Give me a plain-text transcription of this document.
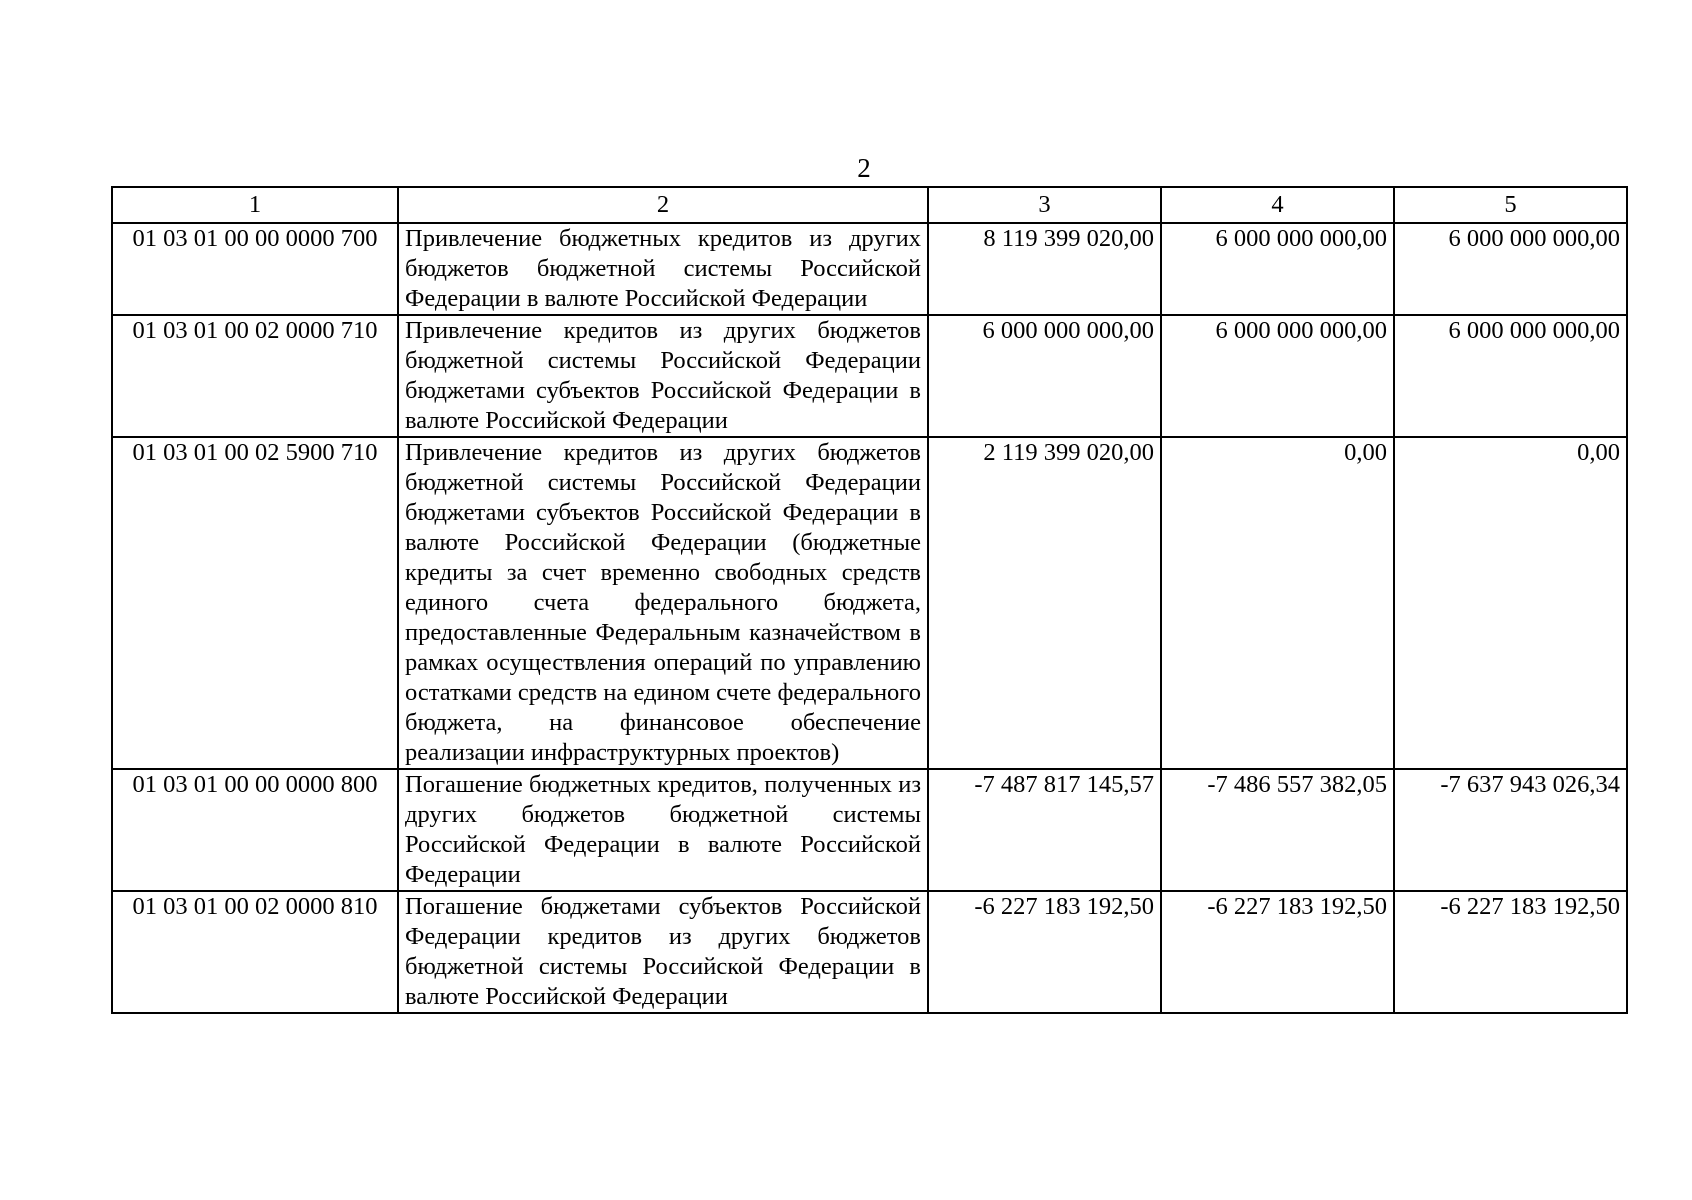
2
1	2	3	4	5
01 03 01 00 00 0000 700	Привлечение бюджетных кредитов из других бюджетов бюджетной системы Российской Федерации в валюте Российской Федерации	8 119 399 020,00	6 000 000 000,00	6 000 000 000,00
01 03 01 00 02 0000 710	Привлечение кредитов из других бюджетов бюджетной системы Российской Федерации бюджетами субъектов Российской Федерации в валюте Российской Федерации	6 000 000 000,00	6 000 000 000,00	6 000 000 000,00
01 03 01 00 02 5900 710	Привлечение кредитов из других бюджетов бюджетной системы Российской Федерации бюджетами субъектов Российской Федерации в валюте Российской Федерации (бюджетные кредиты за счет временно свободных средств единого счета федерального бюджета, предоставленные Федеральным казначейством в рамках осуществления операций по управлению остатками средств на едином счете федерального бюджета, на финансовое обеспечение реализации инфраструктурных проектов)	2 119 399 020,00	0,00	0,00
01 03 01 00 00 0000 800	Погашение бюджетных кредитов, полученных из других бюджетов бюджетной системы Российской Федерации в валюте Российской Федерации	-7 487 817 145,57	-7 486 557 382,05	-7 637 943 026,34
01 03 01 00 02 0000 810	Погашение бюджетами субъектов Российской Федерации кредитов из других бюджетов бюджетной системы Российской Федерации в валюте Российской Федерации	-6 227 183 192,50	-6 227 183 192,50	-6 227 183 192,50
